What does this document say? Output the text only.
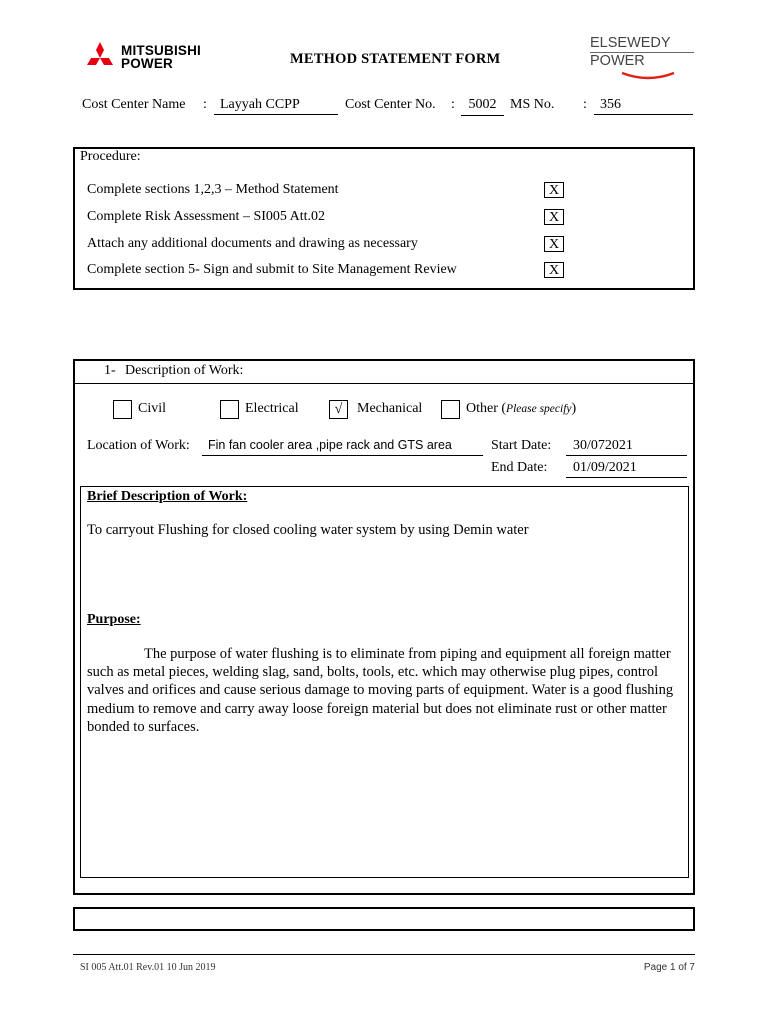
MITSUBISHI
POWER	METHOD STATEMENT FORM
ELSEWEDY
POWER
Cost Center Name : Layyah CCPP	Cost Center No. : 5002 MS No. : 356
Procedure:
Complete sections 1,2,3 – Method Statement	X
Complete Risk Assessment – SI005 Att.02	X
Attach any additional documents and drawing as necessary	X
Complete section 5- Sign and submit to Site Management Review	X
1- Description of Work:
Civil	Electrical	√	Mechanical	Other (Please specify)
Location of Work:	Fin fan cooler area ,pipe rack and GTS area	Start Date:	30/072021
End Date:	01/09/2021
Brief Description of Work:
To carryout Flushing for closed cooling water system by using Demin water
Purpose:
The purpose of water flushing is to eliminate from piping and equipment all foreign matter such as metal pieces, welding slag, sand, bolts, tools, etc. which may otherwise plug pipes, control valves and orifices and cause serious damage to moving parts of equipment. Water is a good flushing medium to remove and carry away loose foreign material but does not eliminate rust or other matter bonded to surfaces.
SI 005 Att.01 Rev.01 10 Jun 2019	Page 1 of 7
